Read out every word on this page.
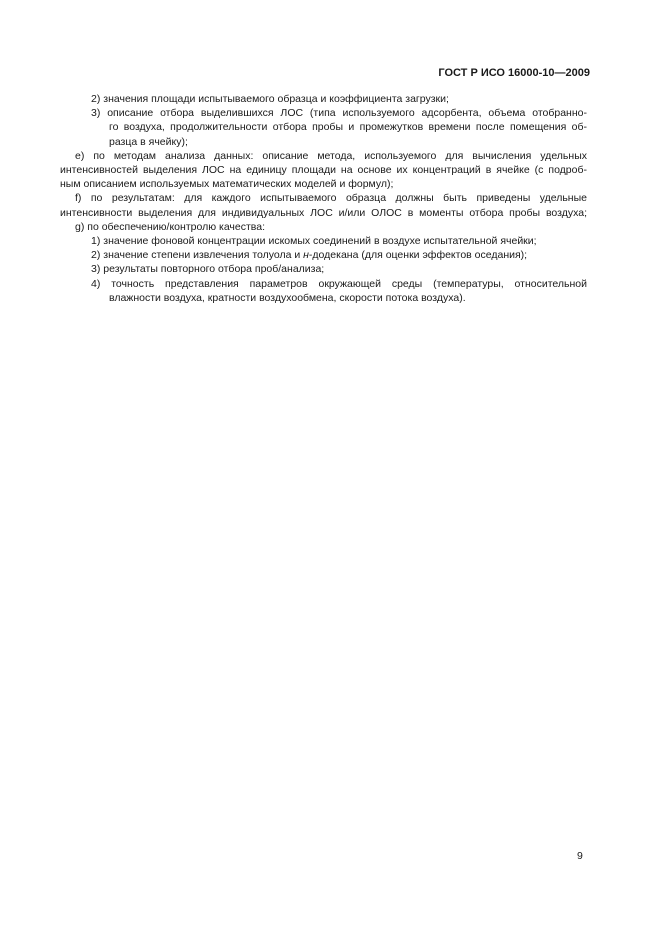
ГОСТ Р ИСО 16000-10—2009
2) значения площади испытываемого образца и коэффициента загрузки;
3) описание отбора выделившихся ЛОС (типа используемого адсорбента, объема отобранно-
го воздуха, продолжительности отбора пробы и промежутков времени после помещения об-
разца в ячейку);
е) по методам анализа данных: описание метода, используемого для вычисления удельных
интенсивностей выделения ЛОС на единицу площади на основе их концентраций в ячейке (с подроб-
ным описанием используемых математических моделей и формул);
f) по результатам: для каждого испытываемого образца должны быть приведены удельные
интенсивности выделения для индивидуальных ЛОС и/или ОЛОС в моменты отбора пробы воздуха;
g) по обеспечению/контролю качества:
1) значение фоновой концентрации искомых соединений в воздухе испытательной ячейки;
2) значение степени извлечения толуола и н-додекана (для оценки эффектов оседания);
3) результаты повторного отбора проб/анализа;
4) точность представления параметров окружающей среды (температуры, относительной
влажности воздуха, кратности воздухообмена, скорости потока воздуха).
9
